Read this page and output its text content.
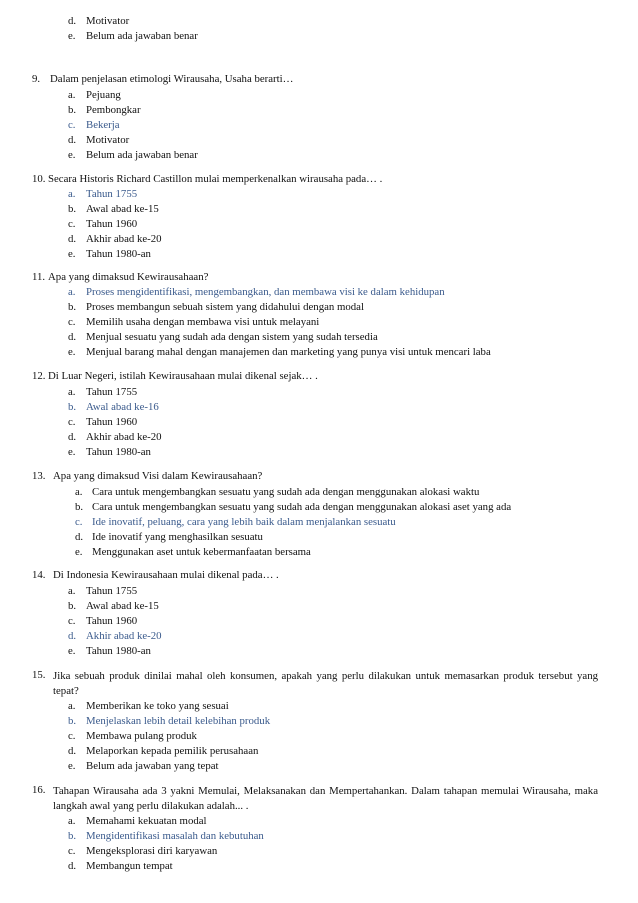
d. Motivator
e. Belum ada jawaban benar
9. Dalam penjelasan etimologi Wirausaha, Usaha berarti…
a. Pejuang
b. Pembongkar
c. Bekerja
d. Motivator
e. Belum ada jawaban benar
10. Secara Historis Richard Castillon mulai memperkenalkan wirausaha pada… .
a. Tahun 1755
b. Awal abad ke-15
c. Tahun 1960
d. Akhir abad ke-20
e. Tahun 1980-an
11. Apa yang dimaksud Kewirausahaan?
a. Proses mengidentifikasi, mengembangkan, dan membawa visi ke dalam kehidupan
b. Proses membangun sebuah sistem yang didahului dengan modal
c. Memilih usaha dengan membawa visi untuk melayani
d. Menjual sesuatu yang sudah ada dengan sistem yang sudah tersedia
e. Menjual barang mahal dengan manajemen dan marketing yang punya visi untuk mencari laba
12. Di Luar Negeri, istilah Kewirausahaan mulai dikenal sejak… .
a. Tahun 1755
b. Awal abad ke-16
c. Tahun 1960
d. Akhir abad ke-20
e. Tahun 1980-an
13. Apa yang dimaksud Visi dalam Kewirausahaan?
a. Cara untuk mengembangkan sesuatu yang sudah ada dengan menggunakan alokasi waktu
b. Cara untuk mengembangkan sesuatu yang sudah ada dengan menggunakan alokasi aset yang ada
c. Ide inovatif, peluang, cara yang lebih baik dalam menjalankan sesuatu
d. Ide inovatif yang menghasilkan sesuatu
e. Menggunakan aset untuk kebermanfaatan bersama
14. Di Indonesia Kewirausahaan mulai dikenal pada… .
a. Tahun 1755
b. Awal abad ke-15
c. Tahun 1960
d. Akhir abad ke-20
e. Tahun 1980-an
15. Jika sebuah produk dinilai mahal oleh konsumen, apakah yang perlu dilakukan untuk memasarkan produk tersebut yang tepat?
a. Memberikan ke toko yang sesuai
b. Menjelaskan lebih detail kelebihan produk
c. Membawa pulang produk
d. Melaporkan kepada pemilik perusahaan
e. Belum ada jawaban yang tepat
16. Tahapan Wirausaha ada 3 yakni Memulai, Melaksanakan dan Mempertahankan. Dalam tahapan memulai Wirausaha, maka langkah awal yang perlu dilakukan adalah... .
a. Memahami kekuatan modal
b. Mengidentifikasi masalah dan kebutuhan
c. Mengeksplorasi diri karyawan
d. Membangun tempat
